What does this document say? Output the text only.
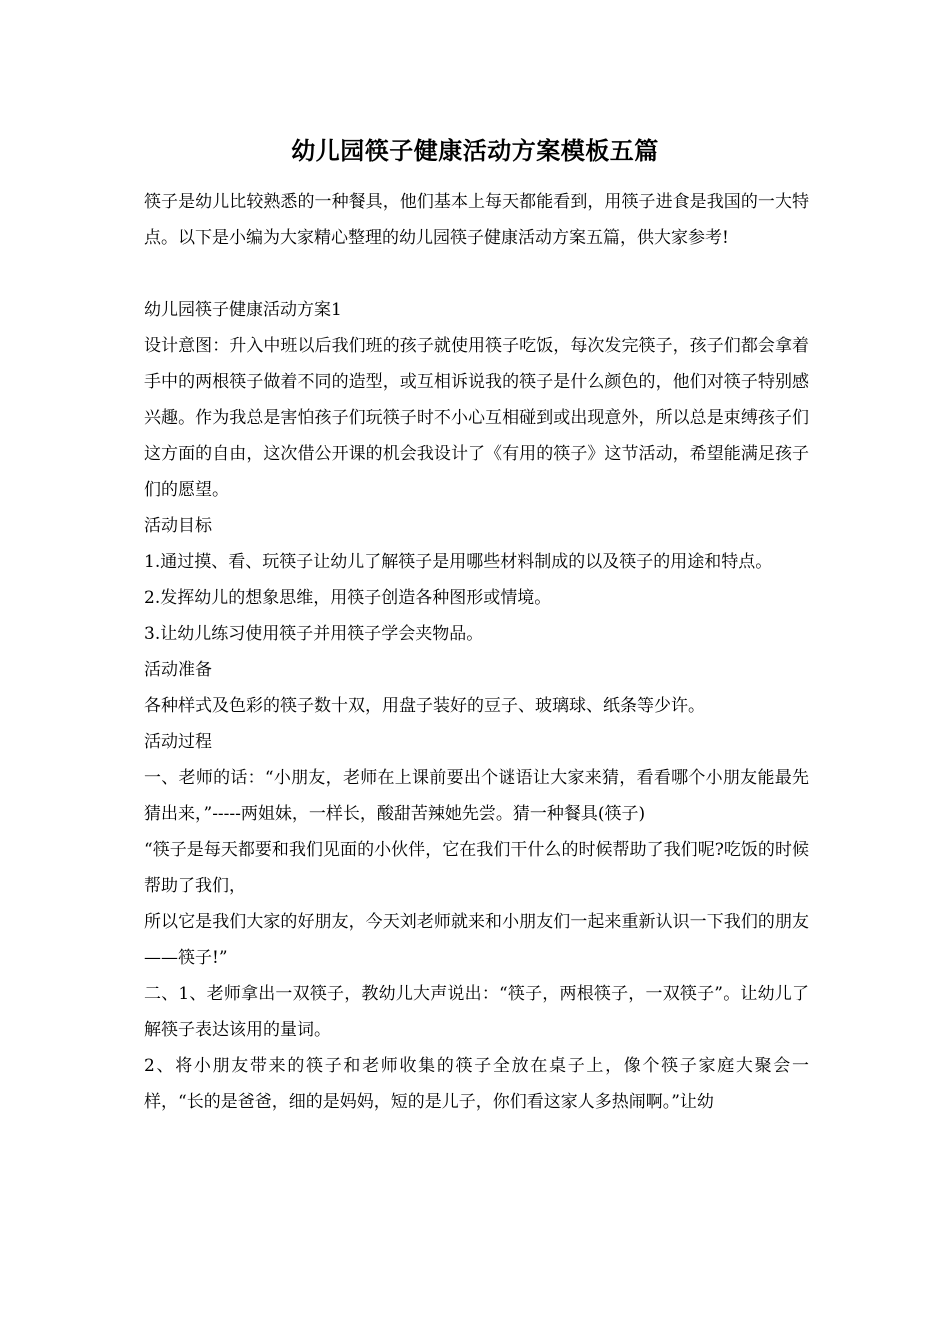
幼儿园筷子健康活动方案模板五篇

筷子是幼儿比较熟悉的一种餐具，他们基本上每天都能看到，用筷子进食是我国的一大特点。以下是小编为大家精心整理的幼儿园筷子健康活动方案五篇，供大家参考!

幼儿园筷子健康活动方案1

设计意图：升入中班以后我们班的孩子就使用筷子吃饭，每次发完筷子，孩子们都会拿着手中的两根筷子做着不同的造型，或互相诉说我的筷子是什么颜色的，他们对筷子特别感兴趣。作为我总是害怕孩子们玩筷子时不小心互相碰到或出现意外，所以总是束缚孩子们这方面的自由，这次借公开课的机会我设计了《有用的筷子》这节活动，希望能满足孩子们的愿望。

活动目标

1.通过摸、看、玩筷子让幼儿了解筷子是用哪些材料制成的以及筷子的用途和特点。

2.发挥幼儿的想象思维，用筷子创造各种图形或情境。

3.让幼儿练习使用筷子并用筷子学会夹物品。

活动准备

各种样式及色彩的筷子数十双，用盘子装好的豆子、玻璃球、纸条等少许。

活动过程

一、老师的话：“小朋友，老师在上课前要出个谜语让大家来猜，看看哪个小朋友能最先猜出来，”-----两姐妹，一样长，酸甜苦辣她先尝。猜一种餐具(筷子)

“筷子是每天都要和我们见面的小伙伴，它在我们干什么的时候帮助了我们呢?吃饭的时候帮助了我们，

所以它是我们大家的好朋友，今天刘老师就来和小朋友们一起来重新认识一下我们的朋友——筷子!”

二、1、老师拿出一双筷子，教幼儿大声说出：“筷子，两根筷子，一双筷子”。让幼儿了解筷子表达该用的量词。

2、将小朋友带来的筷子和老师收集的筷子全放在桌子上，像个筷子家庭大聚会一样，“长的是爸爸，细的是妈妈，短的是儿子，你们看这家人多热闹啊。”让幼
